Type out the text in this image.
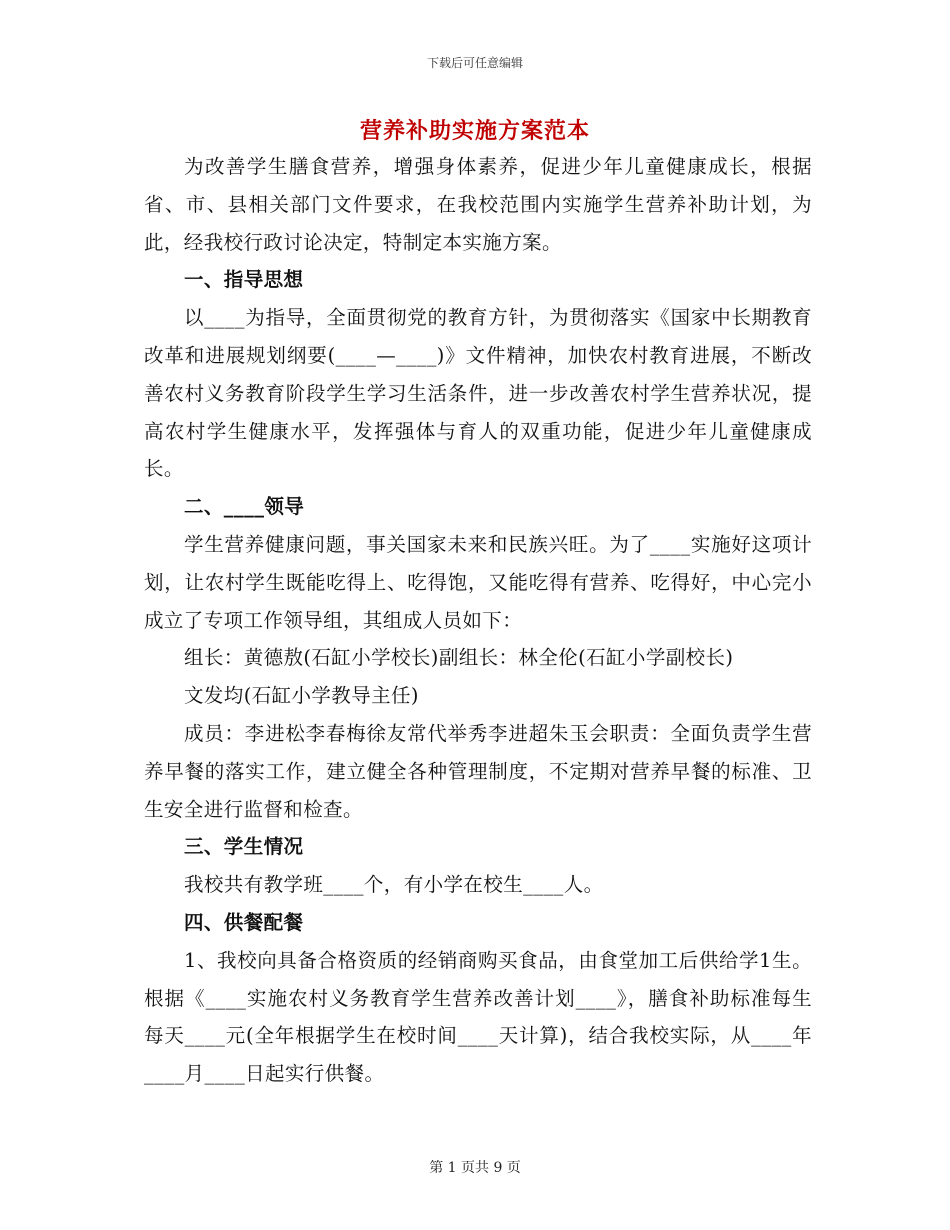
下载后可任意编辑
营养补助实施方案范本

为改善学生膳食营养，增强身体素养，促进少年儿童健康成长，根据省、市、县相关部门文件要求，在我校范围内实施学生营养补助计划，为此，经我校行政讨论决定，特制定本实施方案。

一、指导思想

以____为指导，全面贯彻党的教育方针，为贯彻落实《国家中长期教育改革和进展规划纲要(____—____)》文件精神，加快农村教育进展，不断改善农村义务教育阶段学生学习生活条件，进一步改善农村学生营养状况，提高农村学生健康水平，发挥强体与育人的双重功能，促进少年儿童健康成长。

二、____领导

学生营养健康问题，事关国家未来和民族兴旺。为了____实施好这项计划，让农村学生既能吃得上、吃得饱，又能吃得有营养、吃得好，中心完小成立了专项工作领导组，其组成人员如下：

组长：黄德敖(石缸小学校长)副组长：林全伦(石缸小学副校长)

文发均(石缸小学教导主任)

成员：李进松李春梅徐友常代举秀李进超朱玉会职责：全面负责学生营养早餐的落实工作，建立健全各种管理制度，不定期对营养早餐的标准、卫生安全进行监督和检查。

三、学生情况

我校共有教学班____个，有小学在校生____人。

四、供餐配餐

1、我校向具备合格资质的经销商购买食品，由食堂加工后供给学1生。根据《____实施农村义务教育学生营养改善计划____》，膳食补助标准每生每天____元(全年根据学生在校时间____天计算)，结合我校实际，从____年____月____日起实行供餐。

第 1 页共 9 页
